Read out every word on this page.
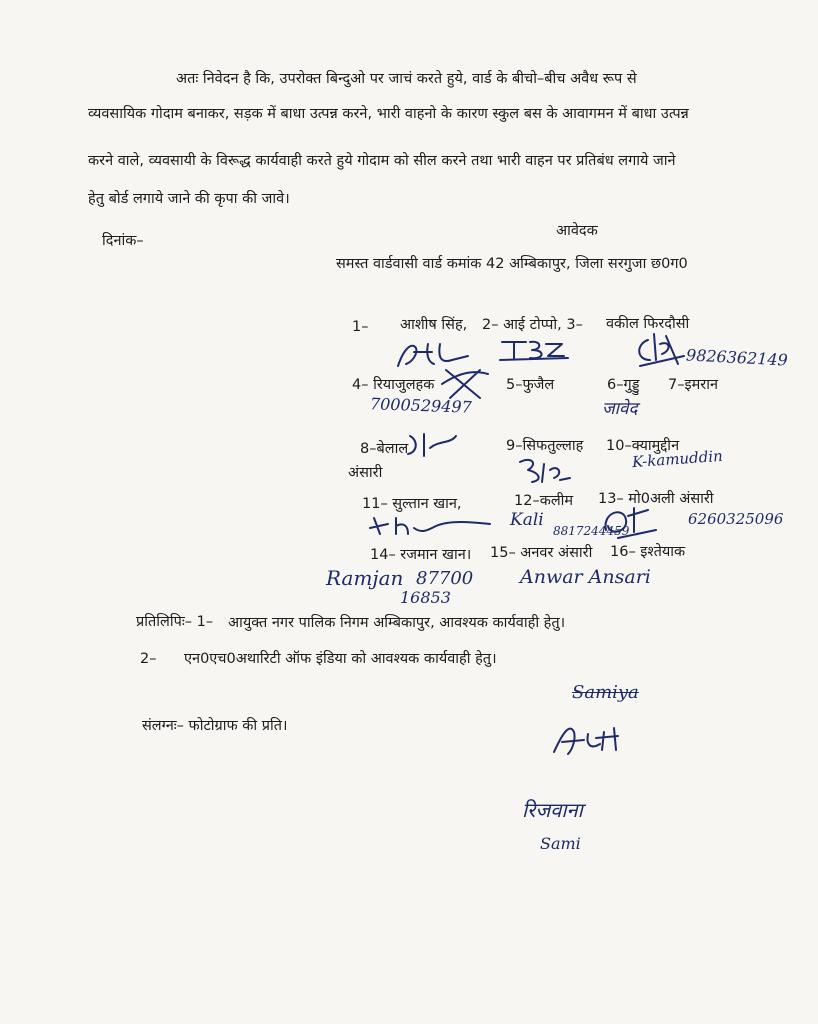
अतः निवेदन है कि, उपरोक्त बिन्दुओ पर जाचं करते हुये, वार्ड के बीचो–बीच अवैध रूप से
व्यवसायिक गोदाम बनाकर, सड़क में बाधा उत्पन्न करने, भारी वाहनो के कारण स्कुल बस के आवागमन में बाधा उत्पन्न
करने वाले, व्यवसायी के विरूद्ध कार्यवाही करते हुये गोदाम को सील करने तथा भारी वाहन पर प्रतिबंध लगाये जाने
हेतु बोर्ड लगाये जाने की कृपा की जावे।
दिनांक–
आवेदक
समस्त वार्डवासी वार्ड कमांक 42 अम्बिकापुर, जिला सरगुजा छ0ग0
1– आशीष सिंह, 2– आई टोप्पो, 3– वकील फिरदौसी
9826362149
4– रियाजुलहक
7000529497
5–फुजैल	6–गुड्डु 7–इमरान
जावेद
8–बेलाल
अंसारी
9–सिफतुल्लाह 10–क्यामुद्दीन
K-kamuddin
11– सुल्तान खान,	12–कलीम
Kali
8817244459
13– मो0अली अंसारी
6260325096
14– रजमान खान। 15– अनवर अंसारी 16– इश्तेयाक
Ramjan 87700
16853
Anwar Ansari
प्रतिलिपिः– 1– आयुक्त नगर पालिक निगम अम्बिकापुर, आवश्यक कार्यवाही हेतु।
2– एन0एच0अथारिटी ऑफ इंडिया को आवश्यक कार्यवाही हेतु।
संलग्नः– फोटोग्राफ की प्रति।
Samiya
रिजवाना
Sami
